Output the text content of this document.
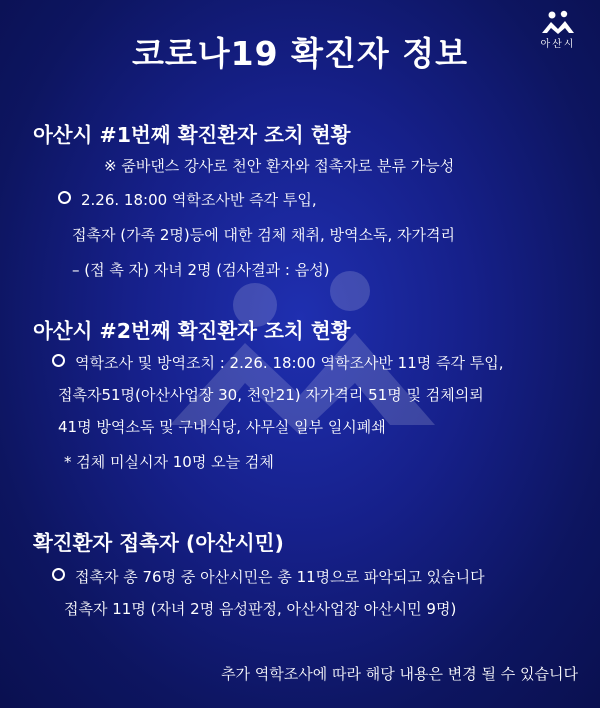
아산시
코로나19 확진자 정보
아산시 #1번째 확진환자 조치 현황
※ 줌바댄스 강사로 천안 환자와 접촉자로 분류 가능성
2.26. 18:00 역학조사반 즉각 투입,
접촉자 (가족 2명)등에 대한 검체 채취, 방역소독, 자가격리
– (접 촉 자) 자녀 2명 (검사결과 : 음성)
아산시 #2번째 확진환자 조치 현황
역학조사 및 방역조치 : 2.26. 18:00 역학조사반 11명 즉각 투입,
접촉자51명(아산사업장 30, 천안21) 자가격리 51명 및 검체의뢰
41명 방역소독 및 구내식당, 사무실 일부 일시폐쇄
* 검체 미실시자 10명 오늘 검체
확진환자 접촉자 (아산시민)
접촉자 총 76명 중 아산시민은 총 11명으로 파악되고 있습니다
접촉자 11명 (자녀 2명 음성판정, 아산사업장 아산시민 9명)
추가 역학조사에 따라 해당 내용은 변경 될 수 있습니다
